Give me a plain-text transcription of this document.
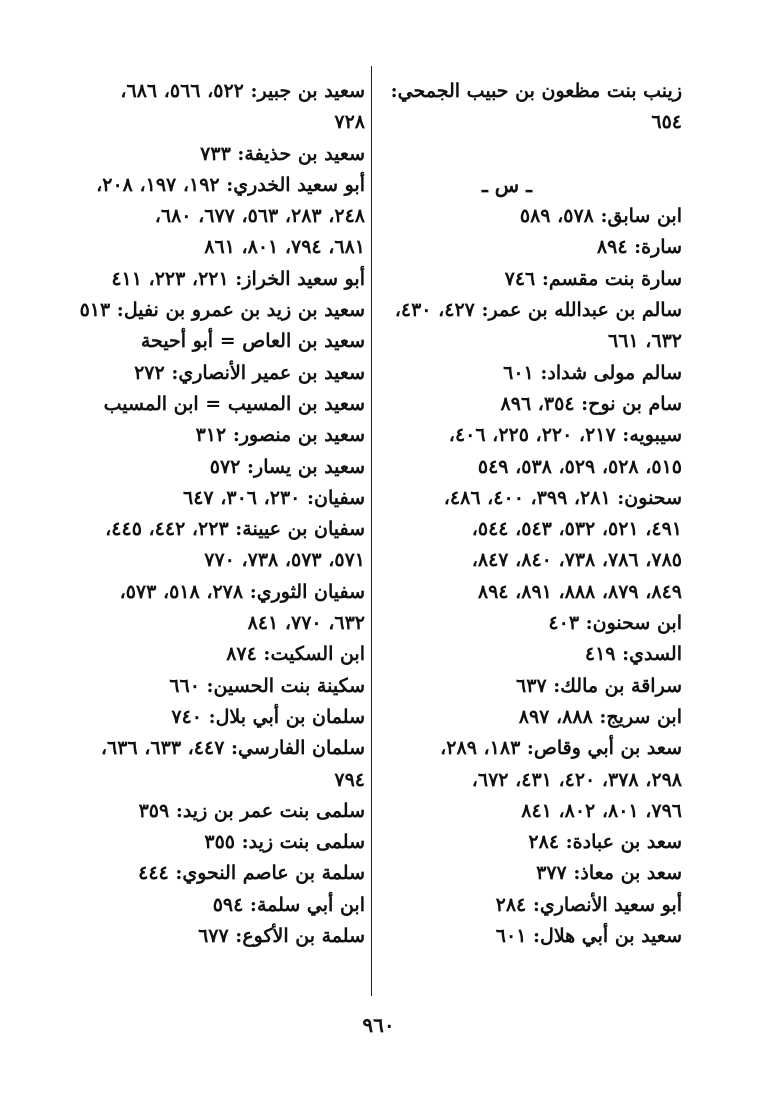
زينب بنت مظعون بن حبيب الجمحي:
٦٥٤

ـ س ـ
ابن سابق: ٥٧٨، ٥٨٩
سارة: ٨٩٤
سارة بنت مقسم: ٧٤٦
سالم بن عبدالله بن عمر: ٤٢٧، ٤٣٠،
٦٣٢، ٦٦١
سالم مولى شداد: ٦٠١
سام بن نوح: ٣٥٤، ٨٩٦
سيبويه: ٢١٧، ٢٢٠، ٢٢٥، ٤٠٦،
٥١٥، ٥٢٨، ٥٢٩، ٥٣٨، ٥٤٩
سحنون: ٢٨١، ٣٩٩، ٤٠٠، ٤٨٦،
٤٩١، ٥٢١، ٥٣٢، ٥٤٣، ٥٤٤،
٧٨٥، ٧٨٦، ٧٣٨، ٨٤٠، ٨٤٧،
٨٤٩، ٨٧٩، ٨٨٨، ٨٩١، ٨٩٤
ابن سحنون: ٤٠٣
السدي: ٤١٩
سراقة بن مالك: ٦٣٧
ابن سريج: ٨٨٨، ٨٩٧
سعد بن أبي وقاص: ١٨٣، ٢٨٩،
٢٩٨، ٣٧٨، ٤٢٠، ٤٣١، ٦٧٢،
٧٩٦، ٨٠١، ٨٠٢، ٨٤١
سعد بن عبادة: ٢٨٤
سعد بن معاذ: ٣٧٧
أبو سعيد الأنصاري: ٢٨٤
سعيد بن أبي هلال: ٦٠١
سعيد بن جبير: ٥٢٢، ٥٦٦، ٦٨٦،
٧٢٨
سعيد بن حذيفة: ٧٣٣
أبو سعيد الخدري: ١٩٢، ١٩٧، ٢٠٨،
٢٤٨، ٢٨٣، ٥٦٣، ٦٧٧، ٦٨٠،
٦٨١، ٧٩٤، ٨٠١، ٨٦١
أبو سعيد الخراز: ٢٢١، ٢٢٣، ٤١١
سعيد بن زيد بن عمرو بن نفيل: ٥١٣
سعيد بن العاص = أبو أحيحة
سعيد بن عمير الأنصاري: ٢٧٢
سعيد بن المسيب = ابن المسيب
سعيد بن منصور: ٣١٢
سعيد بن يسار: ٥٧٢
سفيان: ٢٣٠، ٣٠٦، ٦٤٧
سفيان بن عيينة: ٢٢٣، ٤٤٢، ٤٤٥،
٥٧١، ٥٧٣، ٧٣٨، ٧٧٠
سفيان الثوري: ٢٧٨، ٥١٨، ٥٧٣،
٦٣٢، ٧٧٠، ٨٤١
ابن السكيت: ٨٧٤
سكينة بنت الحسين: ٦٦٠
سلمان بن أبي بلال: ٧٤٠
سلمان الفارسي: ٤٤٧، ٦٣٣، ٦٣٦،
٧٩٤
سلمى بنت عمر بن زيد: ٣٥٩
سلمى بنت زيد: ٣٥٥
سلمة بن عاصم النحوي: ٤٤٤
ابن أبي سلمة: ٥٩٤
سلمة بن الأكوع: ٦٧٧
٩٦٠
